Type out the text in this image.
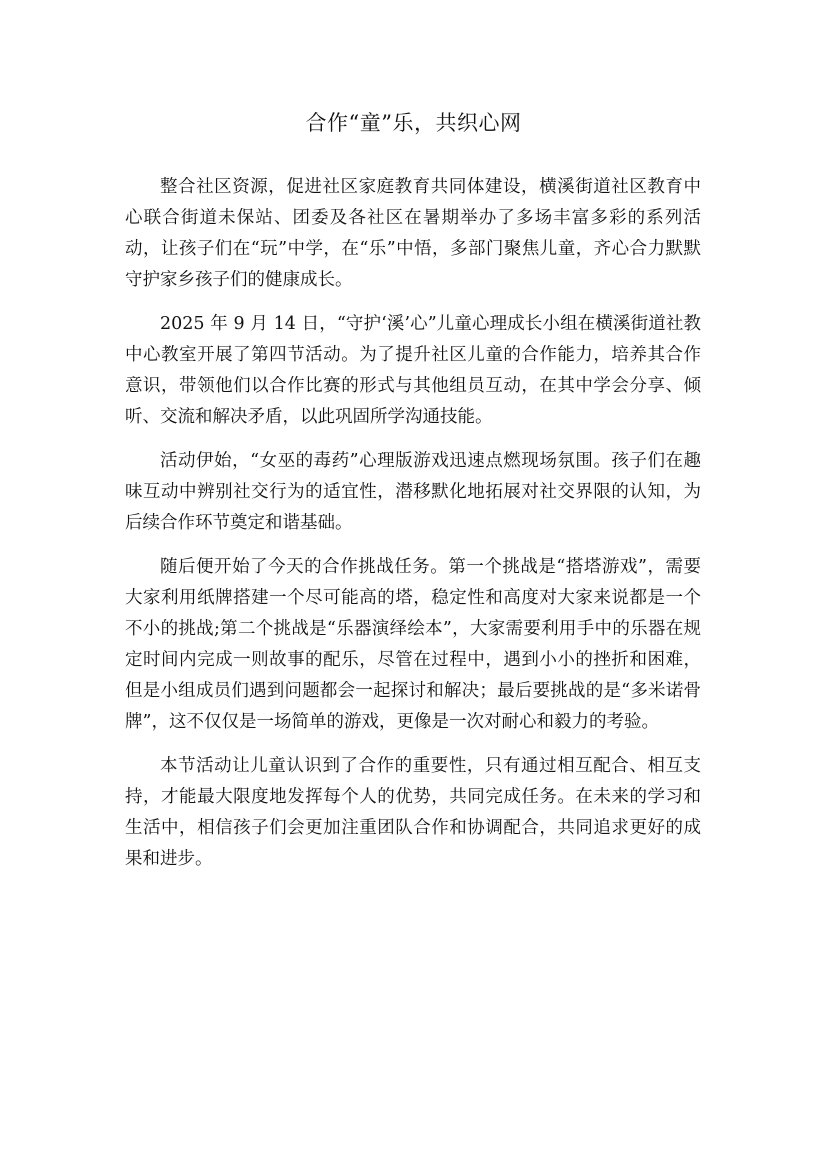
合作“童”乐，共织心网

整合社区资源，促进社区家庭教育共同体建设，横溪街道社区教育中心联合街道未保站、团委及各社区在暑期举办了多场丰富多彩的系列活动，让孩子们在“玩”中学，在“乐”中悟，多部门聚焦儿童，齐心合力默默守护家乡孩子们的健康成长。

2025 年 9 月 14 日，“守护‘溪’心”儿童心理成长小组在横溪街道社教中心教室开展了第四节活动。为了提升社区儿童的合作能力，培养其合作意识，带领他们以合作比赛的形式与其他组员互动，在其中学会分享、倾听、交流和解决矛盾，以此巩固所学沟通技能。

活动伊始，“女巫的毒药”心理版游戏迅速点燃现场氛围。孩子们在趣味互动中辨别社交行为的适宜性，潜移默化地拓展对社交界限的认知，为后续合作环节奠定和谐基础。

随后便开始了今天的合作挑战任务。第一个挑战是“搭塔游戏”，需要大家利用纸牌搭建一个尽可能高的塔，稳定性和高度对大家来说都是一个不小的挑战;第二个挑战是“乐器演绎绘本”，大家需要利用手中的乐器在规定时间内完成一则故事的配乐，尽管在过程中，遇到小小的挫折和困难，但是小组成员们遇到问题都会一起探讨和解决；最后要挑战的是“多米诺骨牌”，这不仅仅是一场简单的游戏，更像是一次对耐心和毅力的考验。

本节活动让儿童认识到了合作的重要性，只有通过相互配合、相互支持，才能最大限度地发挥每个人的优势，共同完成任务。在未来的学习和生活中，相信孩子们会更加注重团队合作和协调配合，共同追求更好的成果和进步。
